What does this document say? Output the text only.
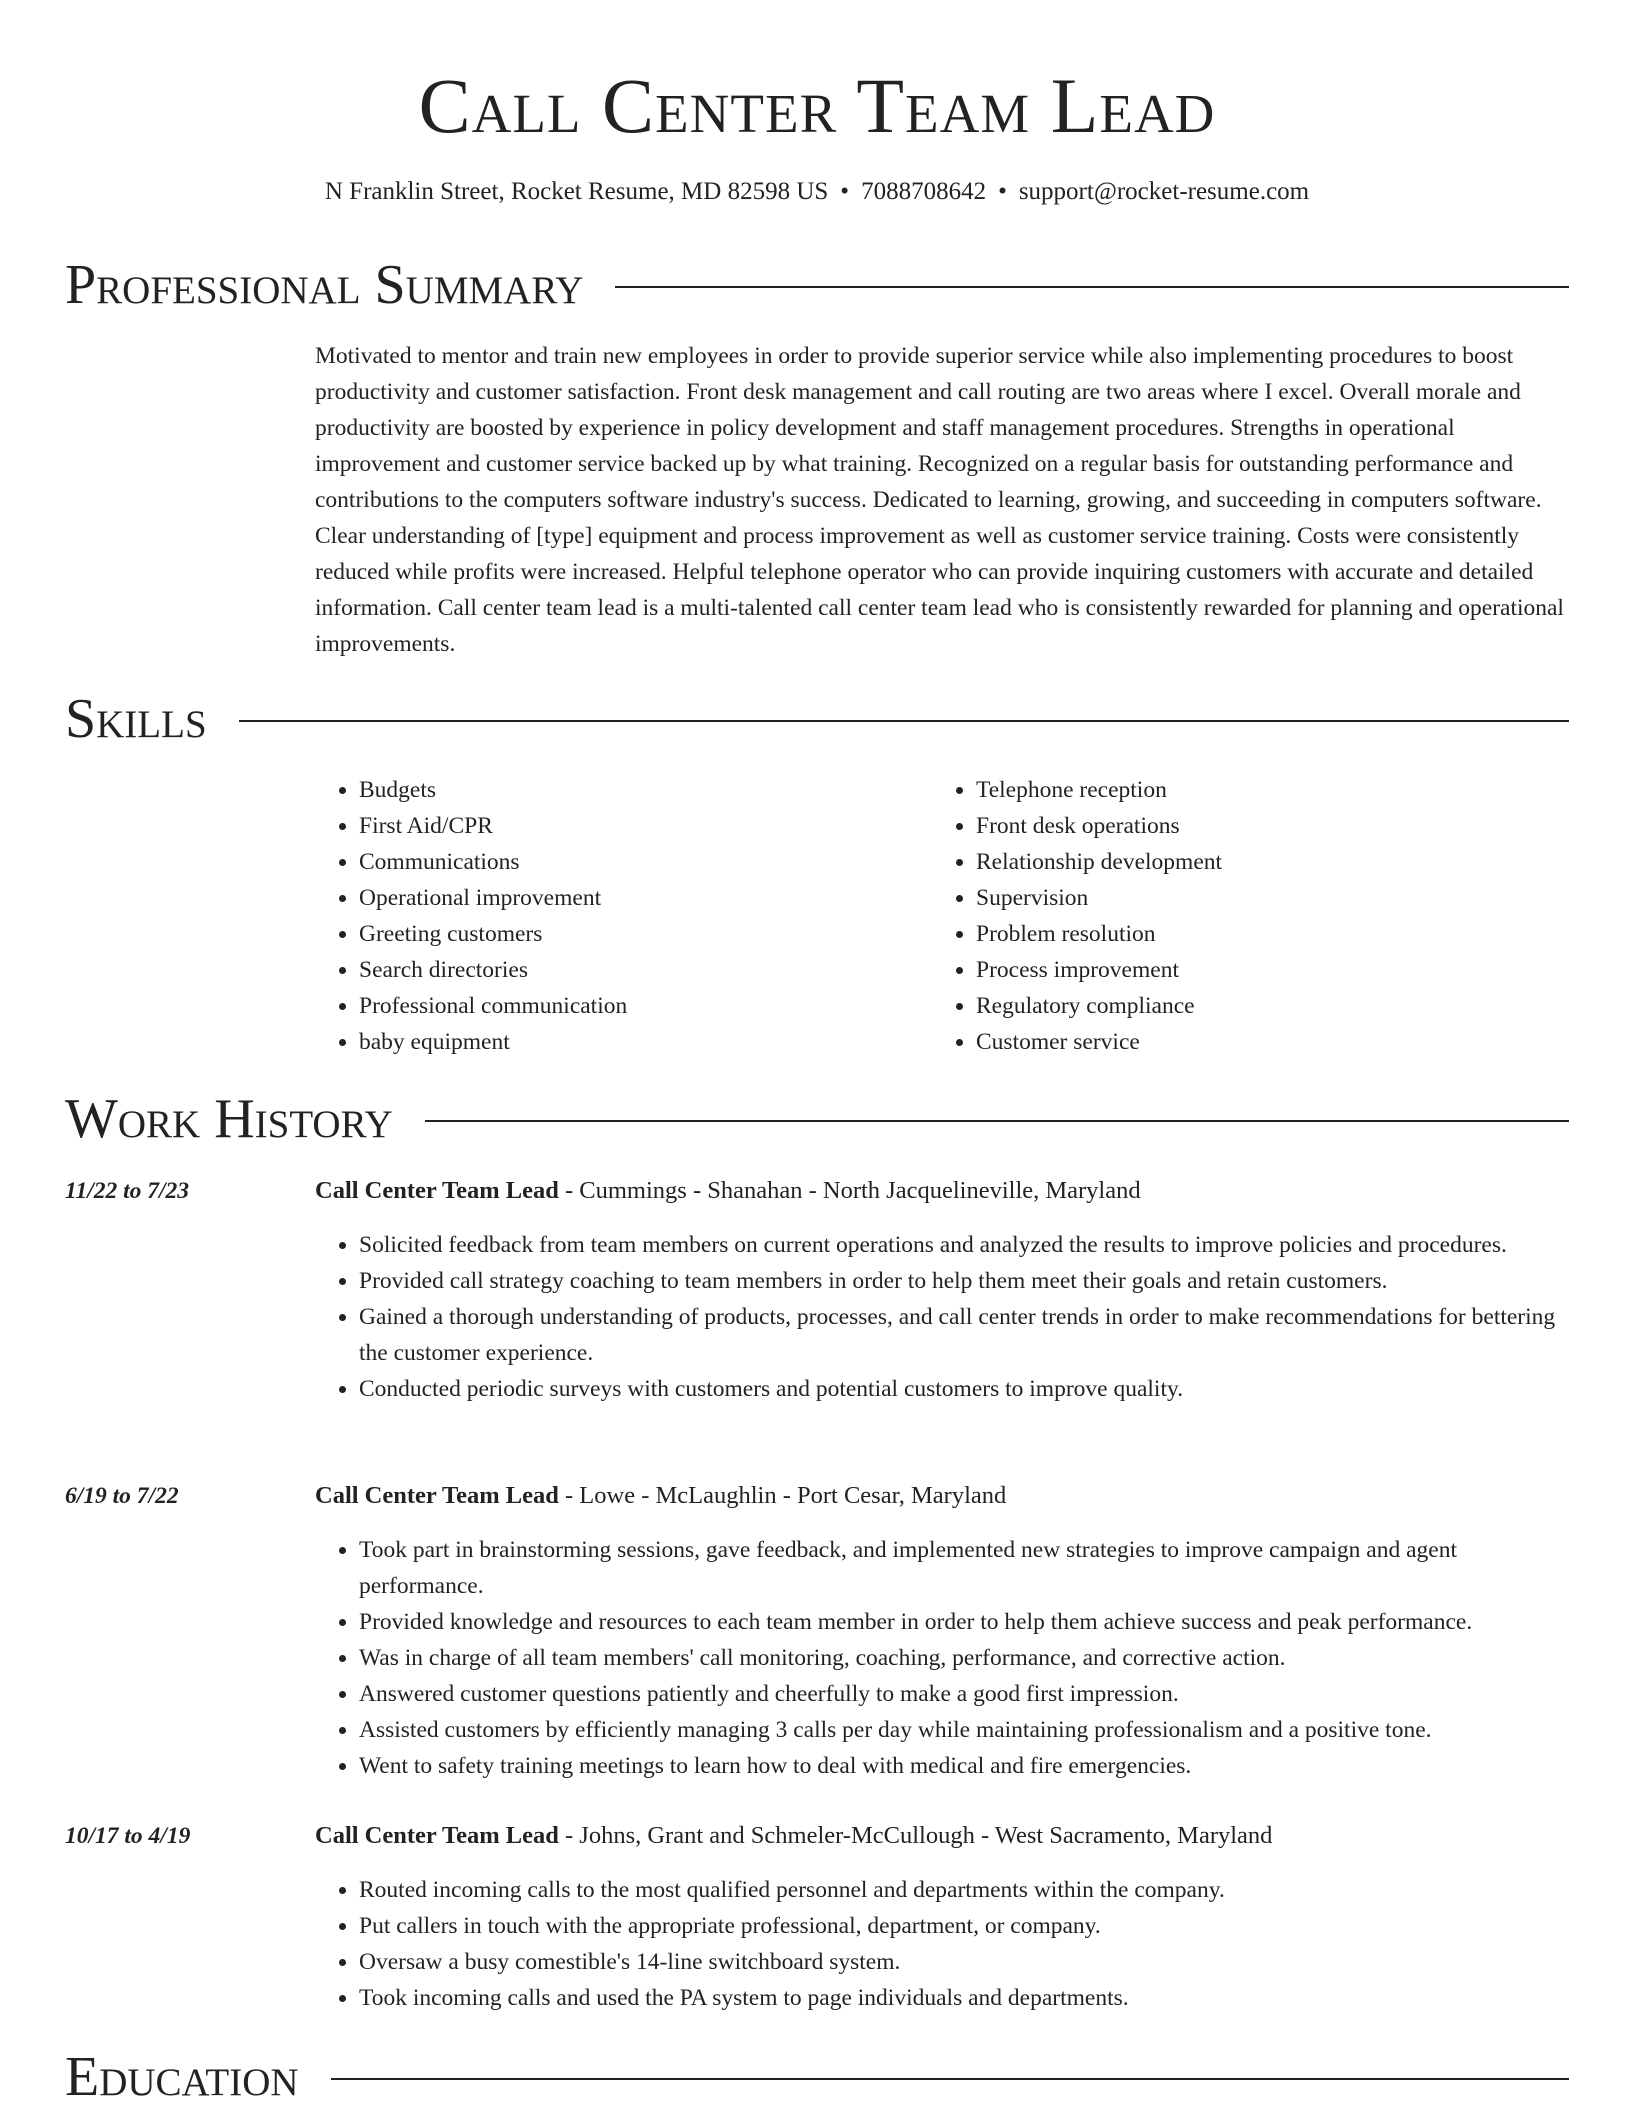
Call Center Team Lead
N Franklin Street, Rocket Resume, MD 82598 US • 7088708642 • support@rocket-resume.com
Professional Summary

Motivated to mentor and train new employees in order to provide superior service while also implementing procedures to boost productivity and customer satisfaction. Front desk management and call routing are two areas where I excel. Overall morale and productivity are boosted by experience in policy development and staff management procedures. Strengths in operational improvement and customer service backed up by what training. Recognized on a regular basis for outstanding performance and contributions to the computers software industry's success. Dedicated to learning, growing, and succeeding in computers software. Clear understanding of [type] equipment and process improvement as well as customer service training. Costs were consistently reduced while profits were increased. Helpful telephone operator who can provide inquiring customers with accurate and detailed information. Call center team lead is a multi-talented call center team lead who is consistently rewarded for planning and operational improvements.

Skills
• Budgets
• First Aid/CPR
• Communications
• Operational improvement
• Greeting customers
• Search directories
• Professional communication
• baby equipment
• Telephone reception
• Front desk operations
• Relationship development
• Supervision
• Problem resolution
• Process improvement
• Regulatory compliance
• Customer service
Work History
11/22 to 7/23	Call Center Team Lead - Cummings - Shanahan - North Jacquelineville, Maryland
• Solicited feedback from team members on current operations and analyzed the results to improve policies and procedures.
• Provided call strategy coaching to team members in order to help them meet their goals and retain customers.
• Gained a thorough understanding of products, processes, and call center trends in order to make recommendations for bettering the customer experience.
• Conducted periodic surveys with customers and potential customers to improve quality.
6/19 to 7/22	Call Center Team Lead - Lowe - McLaughlin - Port Cesar, Maryland
• Took part in brainstorming sessions, gave feedback, and implemented new strategies to improve campaign and agent performance.
• Provided knowledge and resources to each team member in order to help them achieve success and peak performance.
• Was in charge of all team members' call monitoring, coaching, performance, and corrective action.
• Answered customer questions patiently and cheerfully to make a good first impression.
• Assisted customers by efficiently managing 3 calls per day while maintaining professionalism and a positive tone.
• Went to safety training meetings to learn how to deal with medical and fire emergencies.
10/17 to 4/19	Call Center Team Lead - Johns, Grant and Schmeler-McCullough - West Sacramento, Maryland
• Routed incoming calls to the most qualified personnel and departments within the company.
• Put callers in touch with the appropriate professional, department, or company.
• Oversaw a busy comestible's 14-line switchboard system.
• Took incoming calls and used the PA system to page individuals and departments.
Education
